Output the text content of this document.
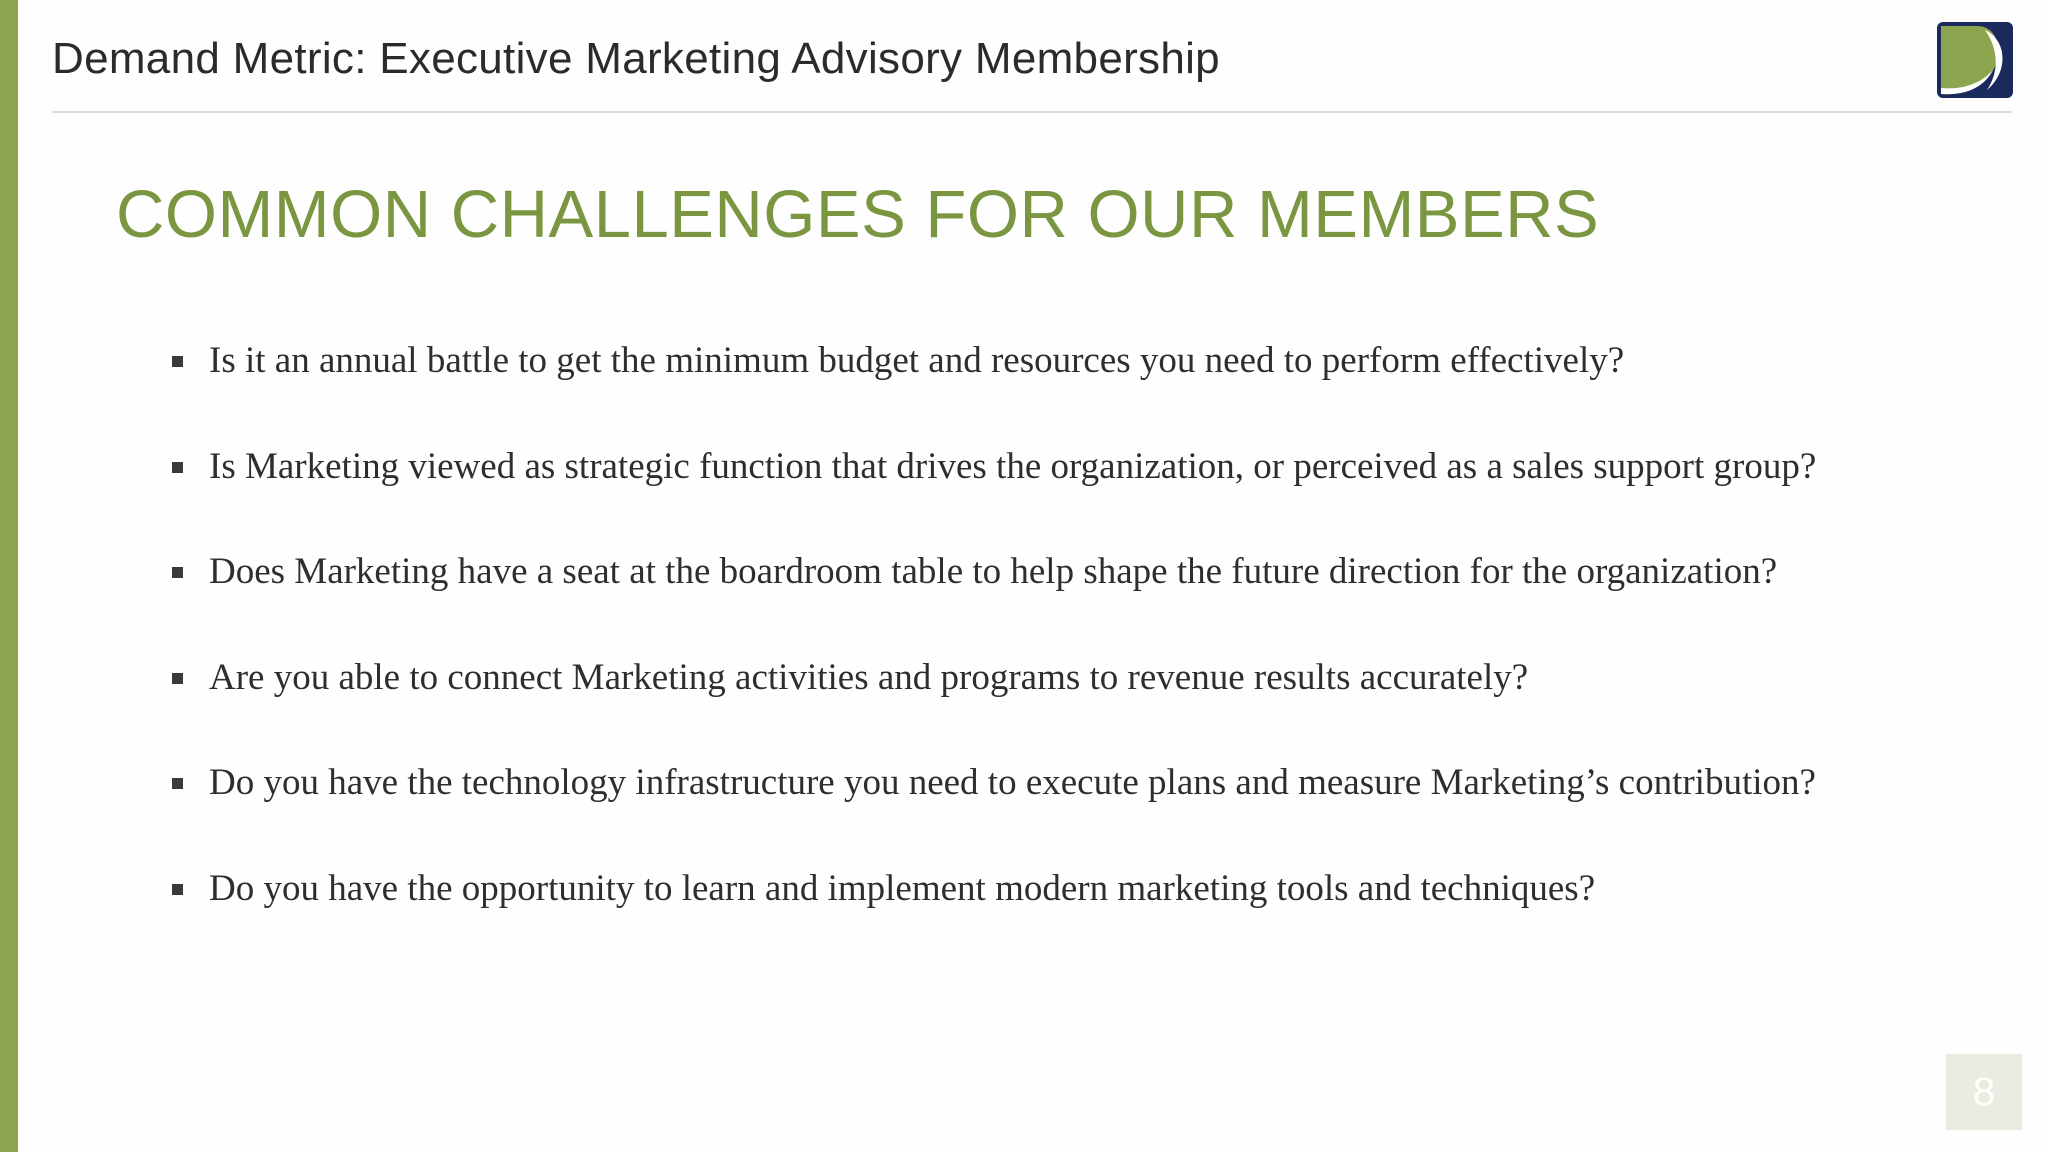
Demand Metric: Executive Marketing Advisory Membership
COMMON CHALLENGES FOR OUR MEMBERS
Is it an annual battle to get the minimum budget and resources you need to perform effectively?
Is Marketing viewed as strategic function that drives the organization, or perceived as a sales support group?
Does Marketing have a seat at the boardroom table to help shape the future direction for the organization?
Are you able to connect Marketing activities and programs to revenue results accurately?
Do you have the technology infrastructure you need to execute plans and measure Marketing’s contribution?
Do you have the opportunity to learn and implement modern marketing tools and techniques?
8
